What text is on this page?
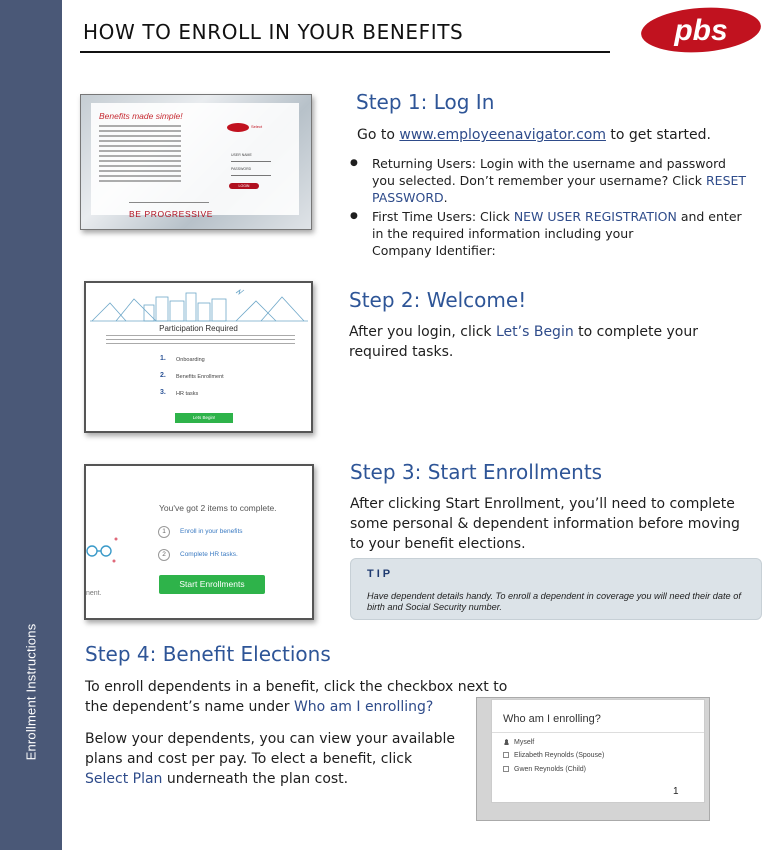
Enrollment Instructions
HOW TO ENROLL IN YOUR BENEFITS	pbs
Benefits made simple!
Select
USER NAME
PASSWORD
LOGIN
BE PROGRESSIVE
Step 1: Log In
Go to www.employeenavigator.com to get started.
● Returning Users: Login with the username and password you selected. Don’t remember your username? Click RESET PASSWORD.
● First Time Users: Click NEW USER REGISTRATION and enter in the required information including your
Company Identifier:
Participation Required
1. Onboarding
2. Benefits Enrollment
3. HR tasks
Lets Begin!
Step 2: Welcome!
After you login, click Let’s Begin to complete your required tasks.
You've got 2 items to complete.
1	Enroll in your benefits
2	Complete HR tasks.
Start Enrollments
nent.
Step 3: Start Enrollments
After clicking Start Enrollment, you’ll need to complete some personal & dependent information before moving to your benefit elections.
TIP
Have dependent details handy. To enroll a dependent in coverage you will need their date of birth and Social Security number.
Step 4: Benefit Elections
To enroll dependents in a benefit, click the checkbox next to the dependent’s name under Who am I enrolling?
Below your dependents, you can view your available plans and cost per pay. To elect a benefit, click Select Plan underneath the plan cost.
Who am I enrolling?
Myself
Elizabeth Reynolds (Spouse)
Gwen Reynolds (Child)
1
